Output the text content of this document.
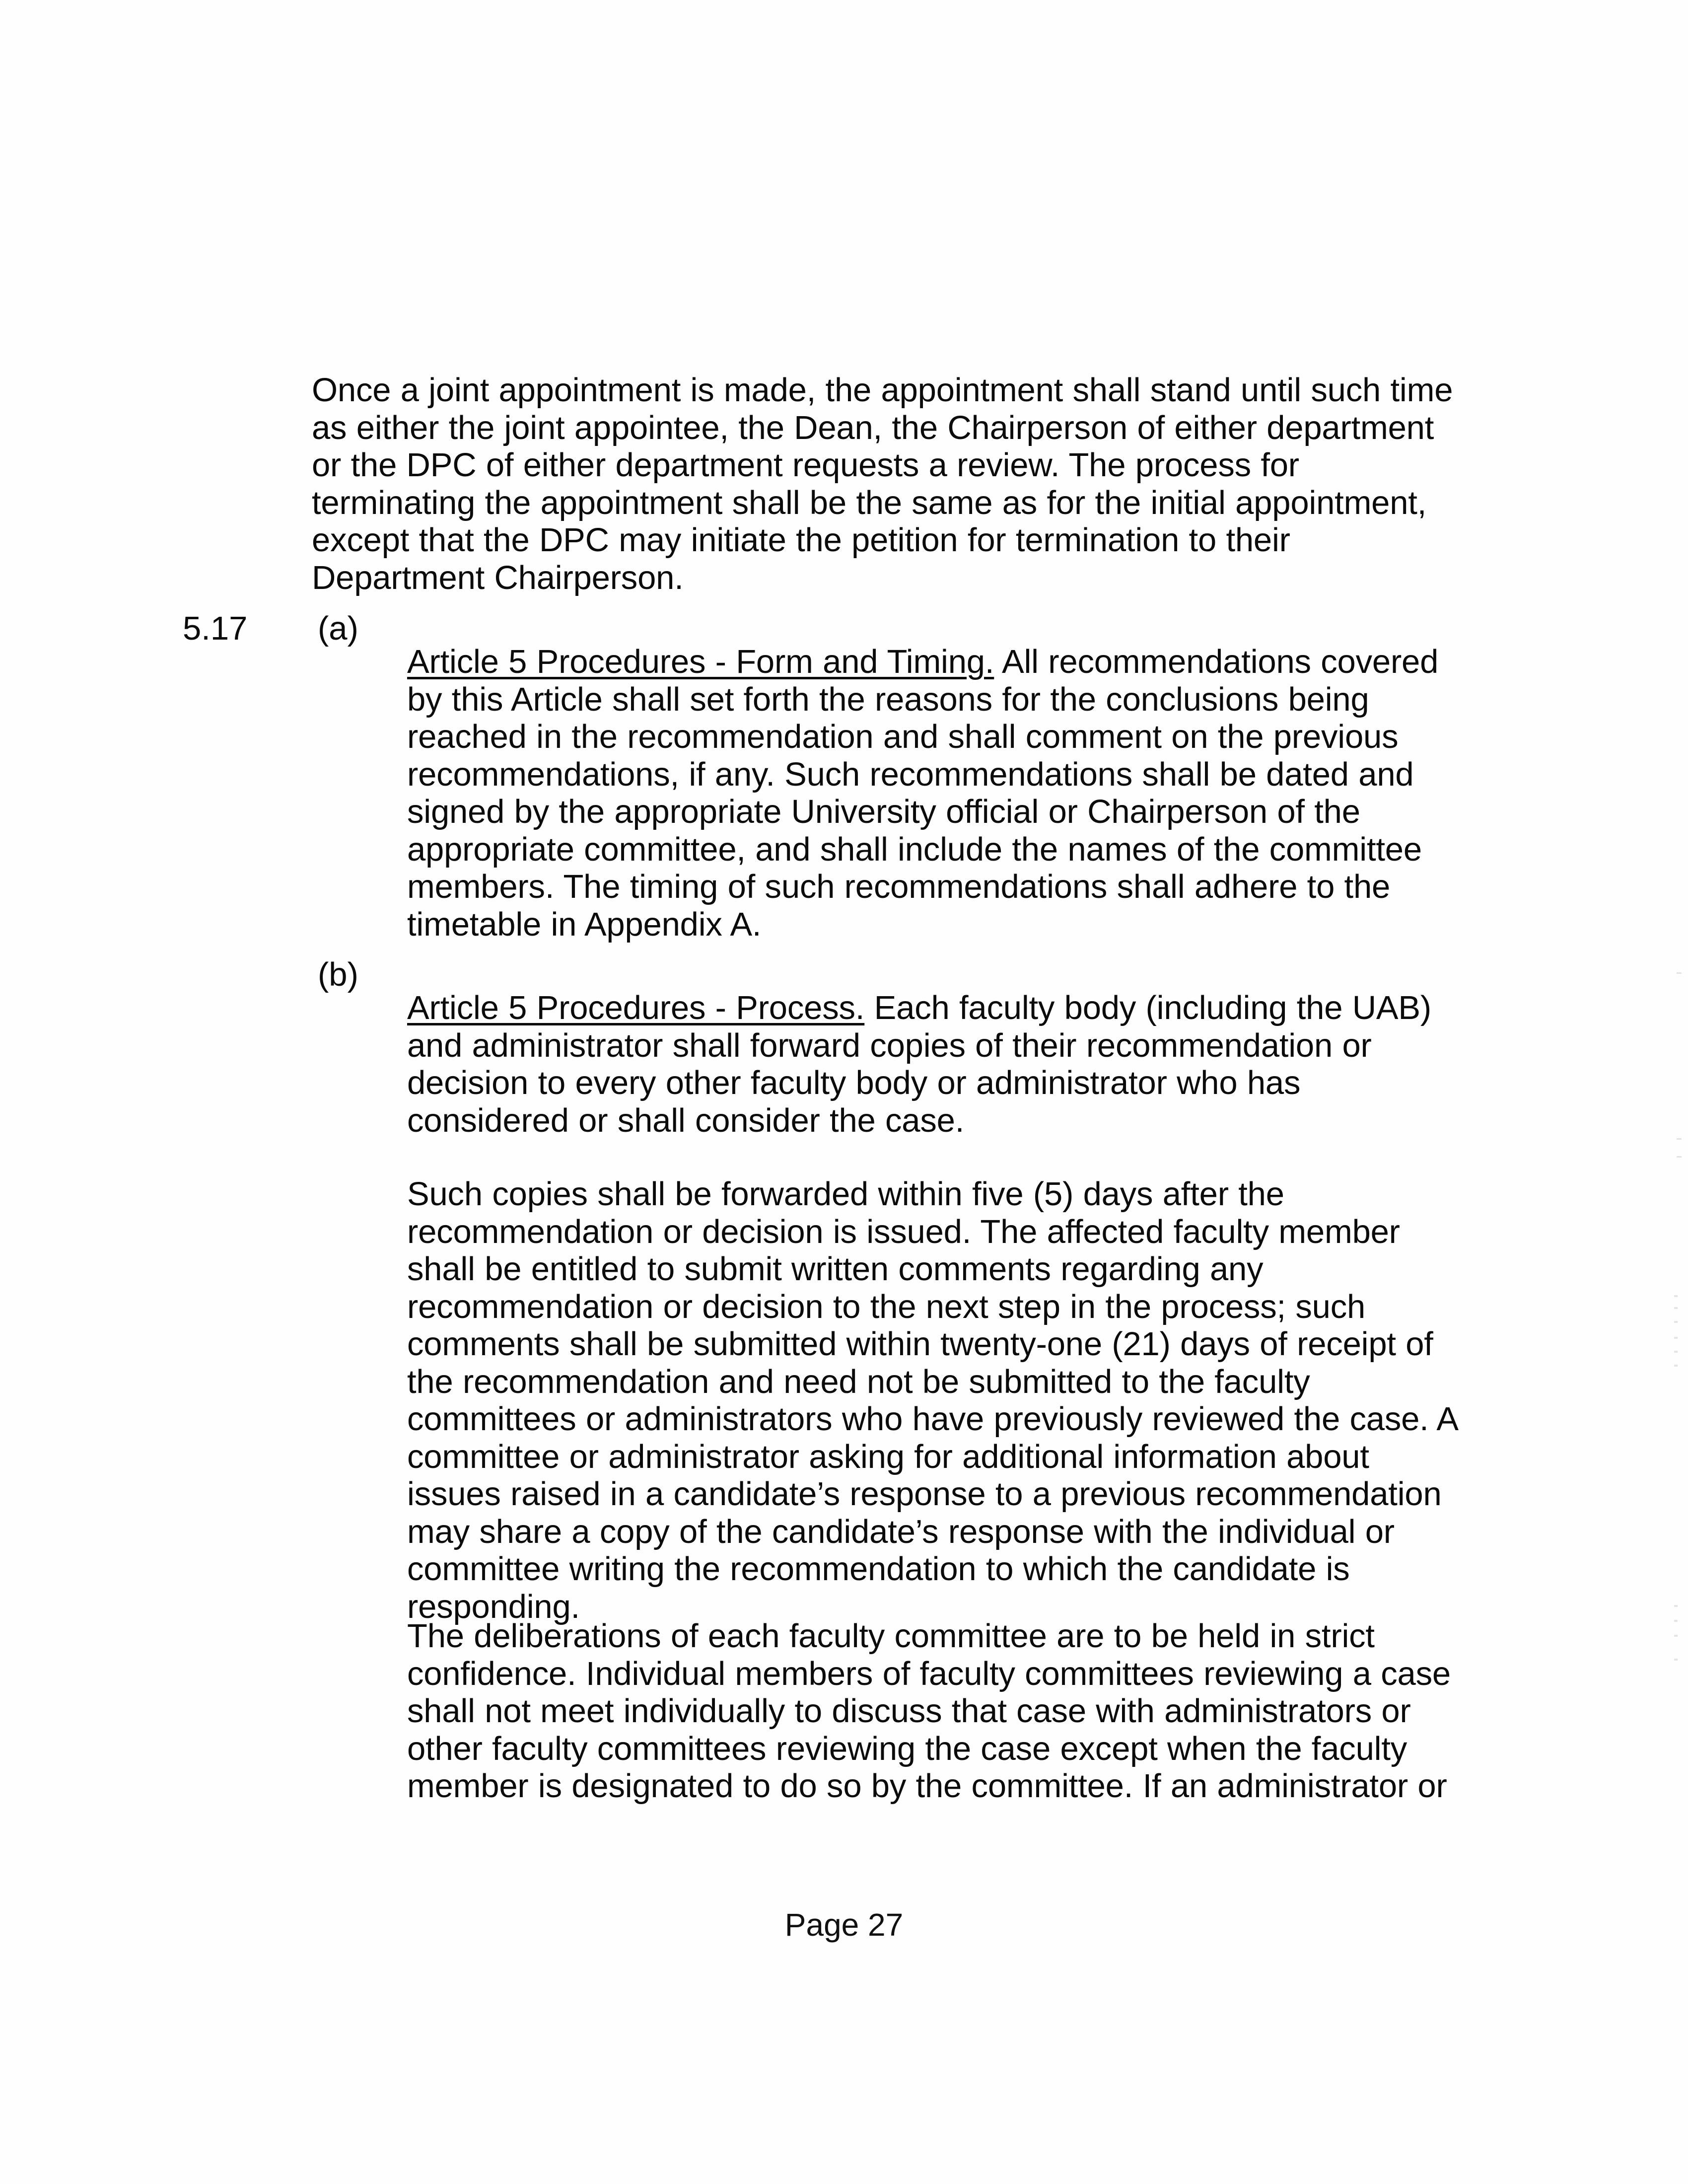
Once a joint appointment is made, the appointment shall stand until such time as either the joint appointee, the Dean, the Chairperson of either department or the DPC of either department requests a review. The process for terminating the appointment shall be the same as for the initial appointment, except that the DPC may initiate the petition for termination to their Department Chairperson.

5.17 (a)

Article 5 Procedures - Form and Timing. All recommendations covered by this Article shall set forth the reasons for the conclusions being reached in the recommendation and shall comment on the previous recommendations, if any. Such recommendations shall be dated and signed by the appropriate University official or Chairperson of the appropriate committee, and shall include the names of the committee members. The timing of such recommendations shall adhere to the timetable in Appendix A.

(b)

Article 5 Procedures - Process. Each faculty body (including the UAB) and administrator shall forward copies of their recommendation or decision to every other faculty body or administrator who has considered or shall consider the case.

Such copies shall be forwarded within five (5) days after the recommendation or decision is issued. The affected faculty member shall be entitled to submit written comments regarding any recommendation or decision to the next step in the process; such comments shall be submitted within twenty-one (21) days of receipt of the recommendation and need not be submitted to the faculty committees or administrators who have previously reviewed the case. A committee or administrator asking for additional information about issues raised in a candidate’s response to a previous recommendation may share a copy of the candidate’s response with the individual or committee writing the recommendation to which the candidate is responding.

The deliberations of each faculty committee are to be held in strict confidence. Individual members of faculty committees reviewing a case shall not meet individually to discuss that case with administrators or other faculty committees reviewing the case except when the faculty member is designated to do so by the committee. If an administrator or

Page 27
